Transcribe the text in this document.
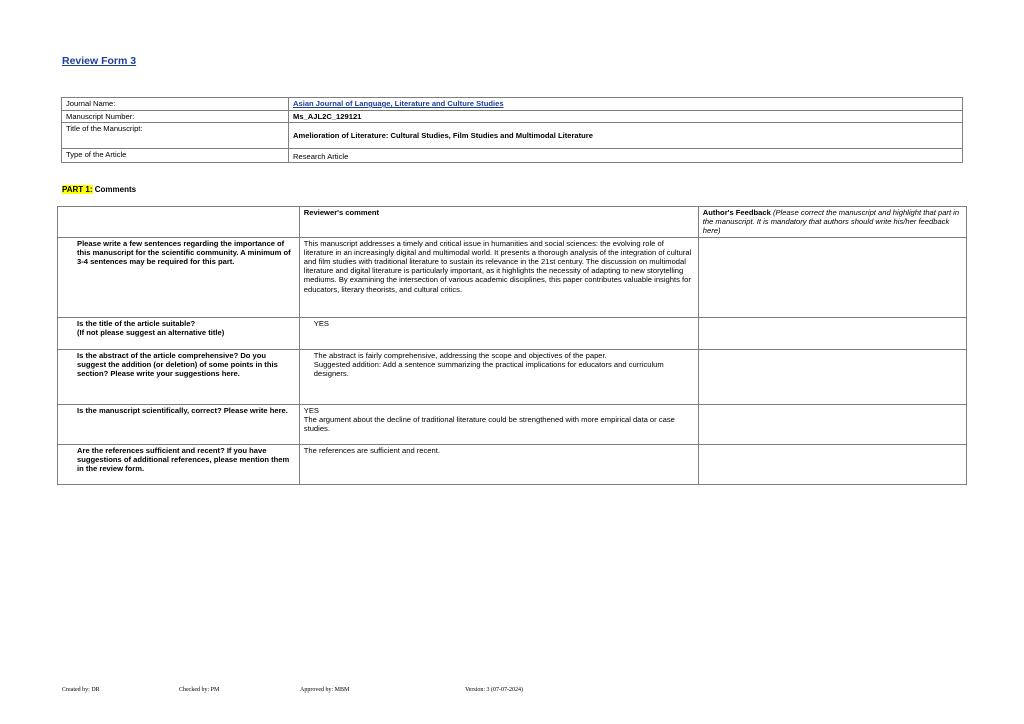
Review Form 3
Journal Name:	Asian Journal of Language, Literature and Culture Studies
Manuscript Number:	Ms_AJL2C_129121
Title of the Manuscript:	Amelioration of Literature: Cultural Studies, Film Studies and Multimodal Literature
Type of the Article	Research Article
PART 1: Comments
	Reviewer's comment	Author's Feedback (Please correct the manuscript and highlight that part in the manuscript. It is mandatory that authors should write his/her feedback here)
Please write a few sentences regarding the importance of this manuscript for the scientific community. A minimum of 3-4 sentences may be required for this part.	This manuscript addresses a timely and critical issue in humanities and social sciences: the evolving role of literature in an increasingly digital and multimodal world. It presents a thorough analysis of the integration of cultural and film studies with traditional literature to sustain its relevance in the 21st century. The discussion on multimodal literature and digital literature is particularly important, as it highlights the necessity of adapting to new storytelling mediums. By examining the intersection of various academic disciplines, this paper contributes valuable insights for educators, literary theorists, and cultural critics.	

Is the title of the article suitable?
(If not please suggest an alternative title)	YES	
Is the abstract of the article comprehensive? Do you suggest the addition (or deletion) of some points in this section? Please write your suggestions here.	The abstract is fairly comprehensive, addressing the scope and objectives of the paper.
Suggested addition: Add a sentence summarizing the practical implications for educators and curriculum designers.	

Is the manuscript scientifically, correct? Please write here.	YES
The argument about the decline of traditional literature could be strengthened with more empirical data or case studies.	

Are the references sufficient and recent? If you have suggestions of additional references, please mention them in the review form.	The references are sufficient and recent.	
Created by: DR	Checked by: PM	Approved by: MBM	Version: 3 (07-07-2024)
